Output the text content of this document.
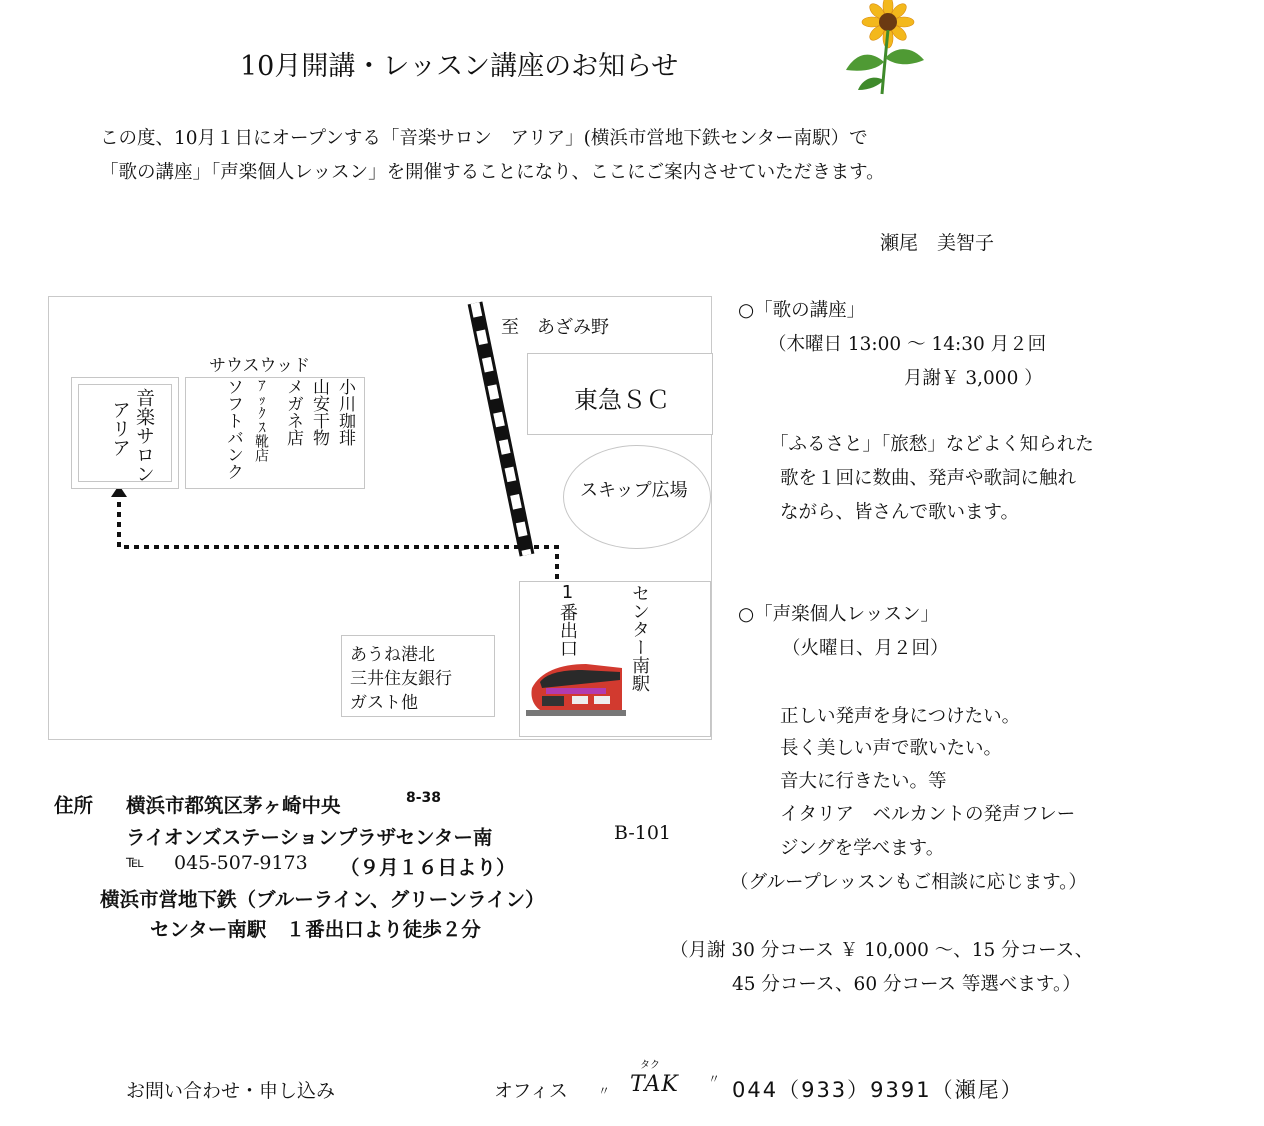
10月開講・レッスン講座のお知らせ
この度、10月１日にオープンする「音楽サロン　アリア」(横浜市営地下鉄センター南駅）で
「歌の講座」「声楽個人レッスン」を開催することになり、ここにご案内させていただきます。
瀬尾　美智子
至　あざみ野
東急ＳＣ
スキップ広場
サウスウッド
音楽サロン
アリア	小川珈琲
山安干物
メガネ店
ｱｯｸｽ靴店
ソフトバンク
あうね港北
三井住友銀行
ガスト他
1番出口	センター南駅
○「歌の講座」
（木曜日 13:00 〜 14:30 月２回
月謝￥ 3,000 ）
「ふるさと」「旅愁」などよく知られた
歌を１回に数曲、発声や歌詞に触れ
ながら、皆さんで歌います。
○「声楽個人レッスン」
（火曜日、月２回）
正しい発声を身につけたい。
長く美しい声で歌いたい。
音大に行きたい。等
イタリア　ベルカントの発声フレー
ジングを学べます。
（グループレッスンもご相談に応じます。）
（月謝 30 分コース ￥ 10,000 〜、15 分コース、
45 分コース、60 分コース 等選べます。）
住所 横浜市都筑区茅ヶ崎中央	8-38
ライオンズステーションプラザセンター南	B-101
℡ 045-507-9173 （９月１６日より）
横浜市営地下鉄（ブルーライン、グリーンライン）
センター南駅　１番出口より徒歩２分
お問い合わせ・申し込み	オフィス	〃
タク
TAK 〃 044（933）9391（瀬尾）
